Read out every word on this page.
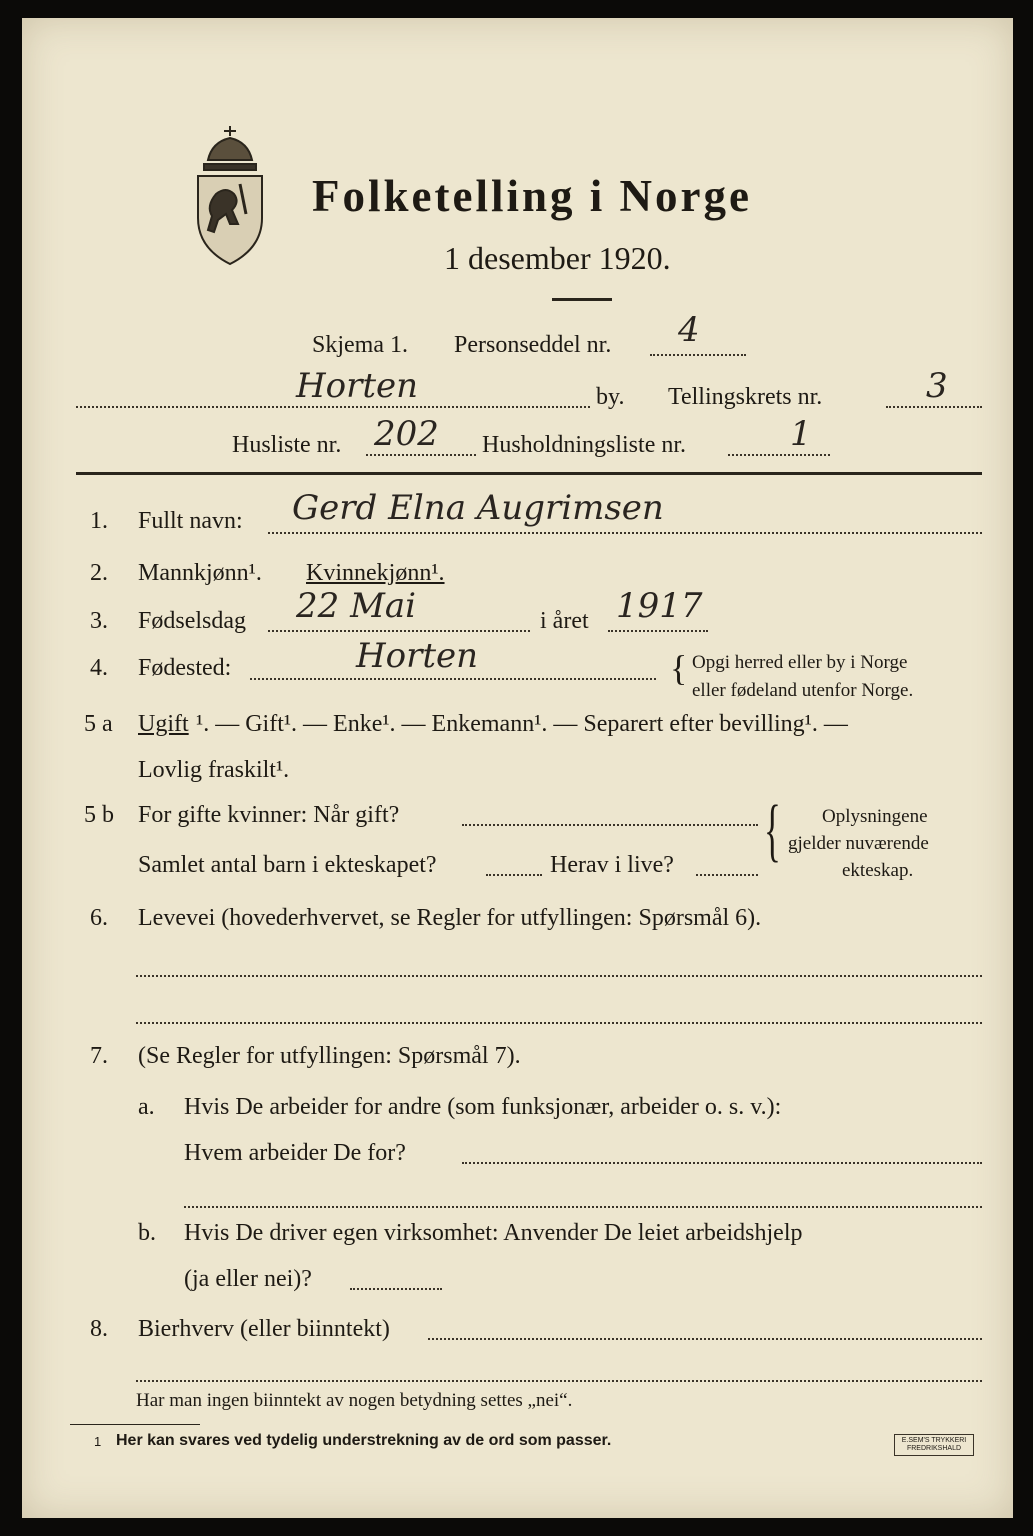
Folketelling i Norge
1 desember 1920.
Skjema 1. Personseddel nr. 4
Horten	by. Tellingskrets nr.	3
Husliste nr. 202 Husholdningsliste nr.	1
1. Fullt navn: Gerd Elna Augrimsen
2. Mannkjønn¹. Kvinnekjønn¹.
3. Fødselsdag 22 Mai	i året 1917
4. Fødested:	Horten	{ Opgi herred eller by i Norge
eller fødeland utenfor Norge.
5 a Ugift ¹. — Gift¹. — Enke¹. — Enkemann¹. — Separert efter bevilling¹. —
Lovlig fraskilt¹.
5 b For gifte kvinner: Når gift?
Samlet antal barn i ekteskapet?	Herav i live? { Oplysningene
gjelder nuværende
ekteskap.
6. Levevei (hovederhvervet, se Regler for utfyllingen: Spørsmål 6).
7. (Se Regler for utfyllingen: Spørsmål 7).
a. Hvis De arbeider for andre (som funksjonær, arbeider o. s. v.):
Hvem arbeider De for?
b. Hvis De driver egen virksomhet: Anvender De leiet arbeidshjelp
(ja eller nei)?
8. Bierhverv (eller biinntekt)
Har man ingen biinntekt av nogen betydning settes „nei“.
1 Her kan svares ved tydelig understrekning av de ord som passer.	E.SEM'S TRYKKERI
FREDRIKSHALD
